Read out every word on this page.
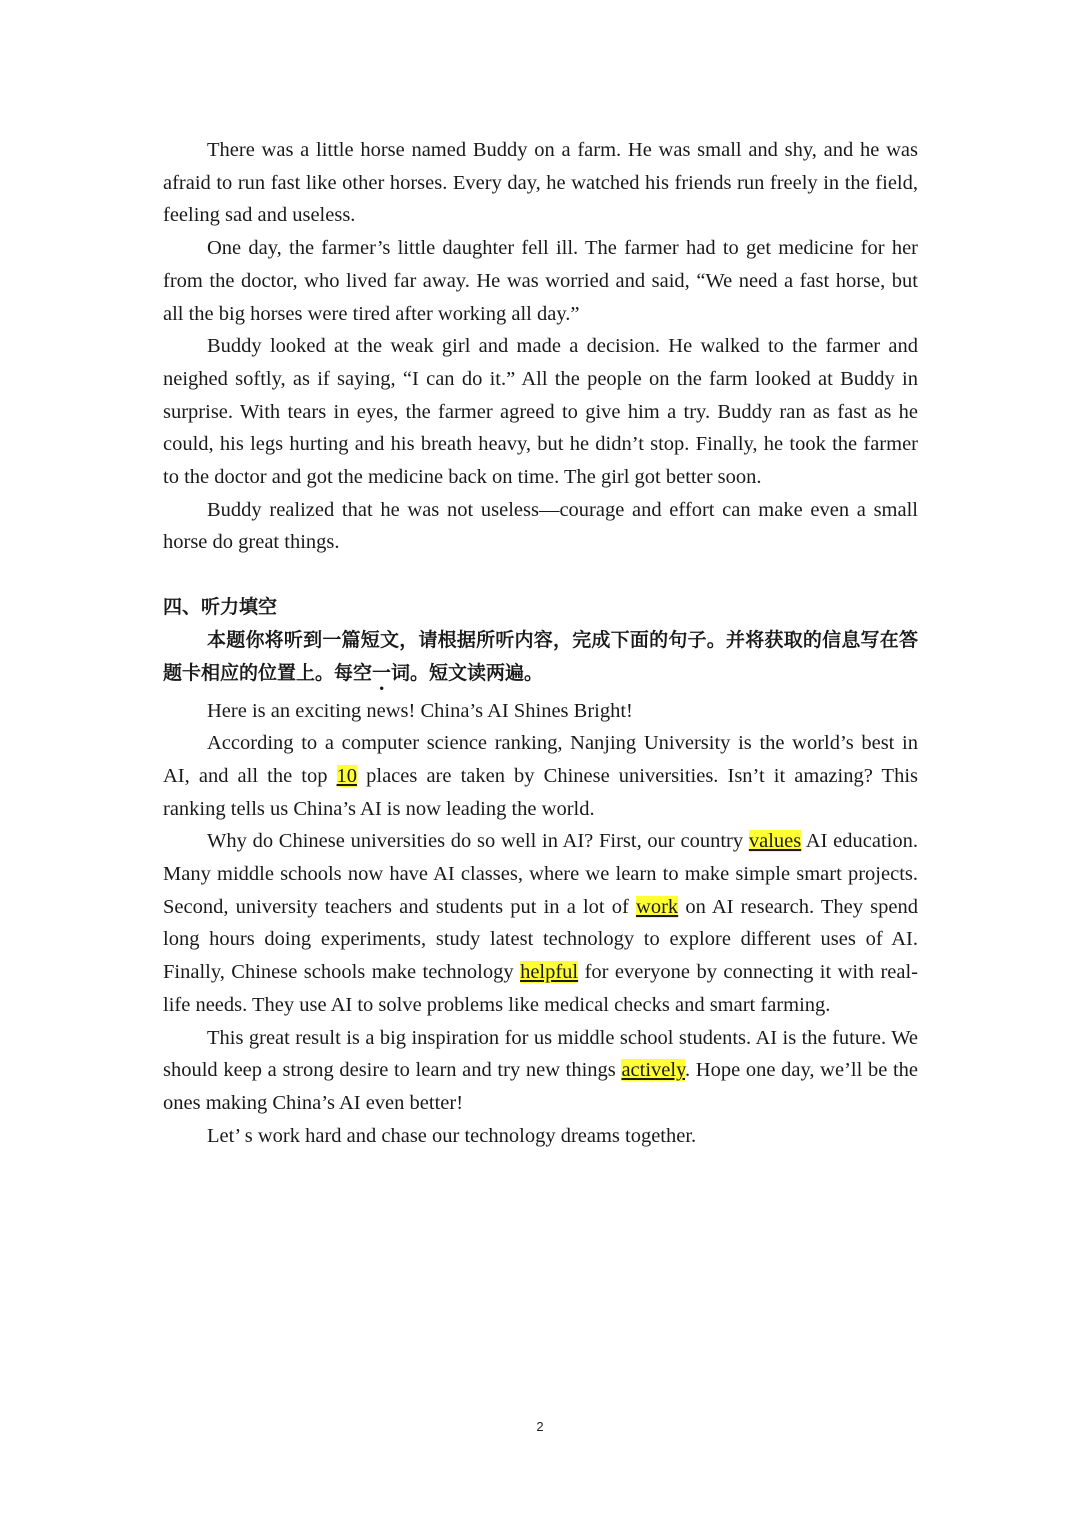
There was a little horse named Buddy on a farm. He was small and shy, and he was afraid to run fast like other horses. Every day, he watched his friends run freely in the field, feeling sad and useless.

One day, the farmer’s little daughter fell ill. The farmer had to get medicine for her from the doctor, who lived far away. He was worried and said, “We need a fast horse, but all the big horses were tired after working all day.”

Buddy looked at the weak girl and made a decision. He walked to the farmer and neighed softly, as if saying, “I can do it.” All the people on the farm looked at Buddy in surprise. With tears in eyes, the farmer agreed to give him a try. Buddy ran as fast as he could, his legs hurting and his breath heavy, but he didn’t stop. Finally, he took the farmer to the doctor and got the medicine back on time. The girl got better soon.

Buddy realized that he was not useless—courage and effort can make even a small horse do great things.

四、听力填空

本题你将听到一篇短文，请根据所听内容，完成下面的句子。并将获取的信息写在答题卡相应的位置上。每空一词。短文读两遍。

Here is an exciting news! China’s AI Shines Bright!

According to a computer science ranking, Nanjing University is the world’s best in AI, and all the top 10 places are taken by Chinese universities. Isn’t it amazing? This ranking tells us China’s AI is now leading the world.

Why do Chinese universities do so well in AI? First, our country values AI education. Many middle schools now have AI classes, where we learn to make simple smart projects. Second, university teachers and students put in a lot of work on AI research. They spend long hours doing experiments, study latest technology to explore different uses of AI. Finally, Chinese schools make technology helpful for everyone by connecting it with real-life needs. They use AI to solve problems like medical checks and smart farming.

This great result is a big inspiration for us middle school students. AI is the future. We should keep a strong desire to learn and try new things actively. Hope one day, we’ll be the ones making China’s AI even better!

Let’ s work hard and chase our technology dreams together.

2
